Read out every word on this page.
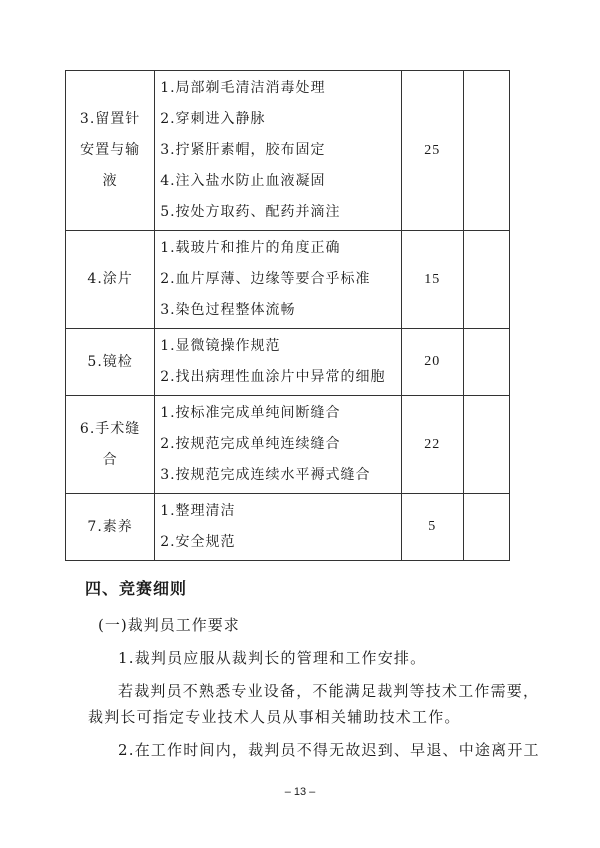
3.留置针安置与输液	1.局部剃毛清洁消毒处理
2.穿刺进入静脉
3.拧紧肝素帽，胶布固定
4.注入盐水防止血液凝固
5.按处方取药、配药并滴注	25	
4.涂片	1.载玻片和推片的角度正确
2.血片厚薄、边缘等要合乎标准
3.染色过程整体流畅	15	
5.镜检	1.显微镜操作规范
2.找出病理性血涂片中异常的细胞	20	
6.手术缝合	1.按标准完成单纯间断缝合
2.按规范完成单纯连续缝合
3.按规范完成连续水平褥式缝合	22	
7.素养	1.整理清洁
2.安全规范	5	
四、竞赛细则
(一)裁判员工作要求
1.裁判员应服从裁判长的管理和工作安排。
若裁判员不熟悉专业设备，不能满足裁判等技术工作需要，
裁判长可指定专业技术人员从事相关辅助技术工作。
2.在工作时间内，裁判员不得无故迟到、早退、中途离开工
– 13 –
